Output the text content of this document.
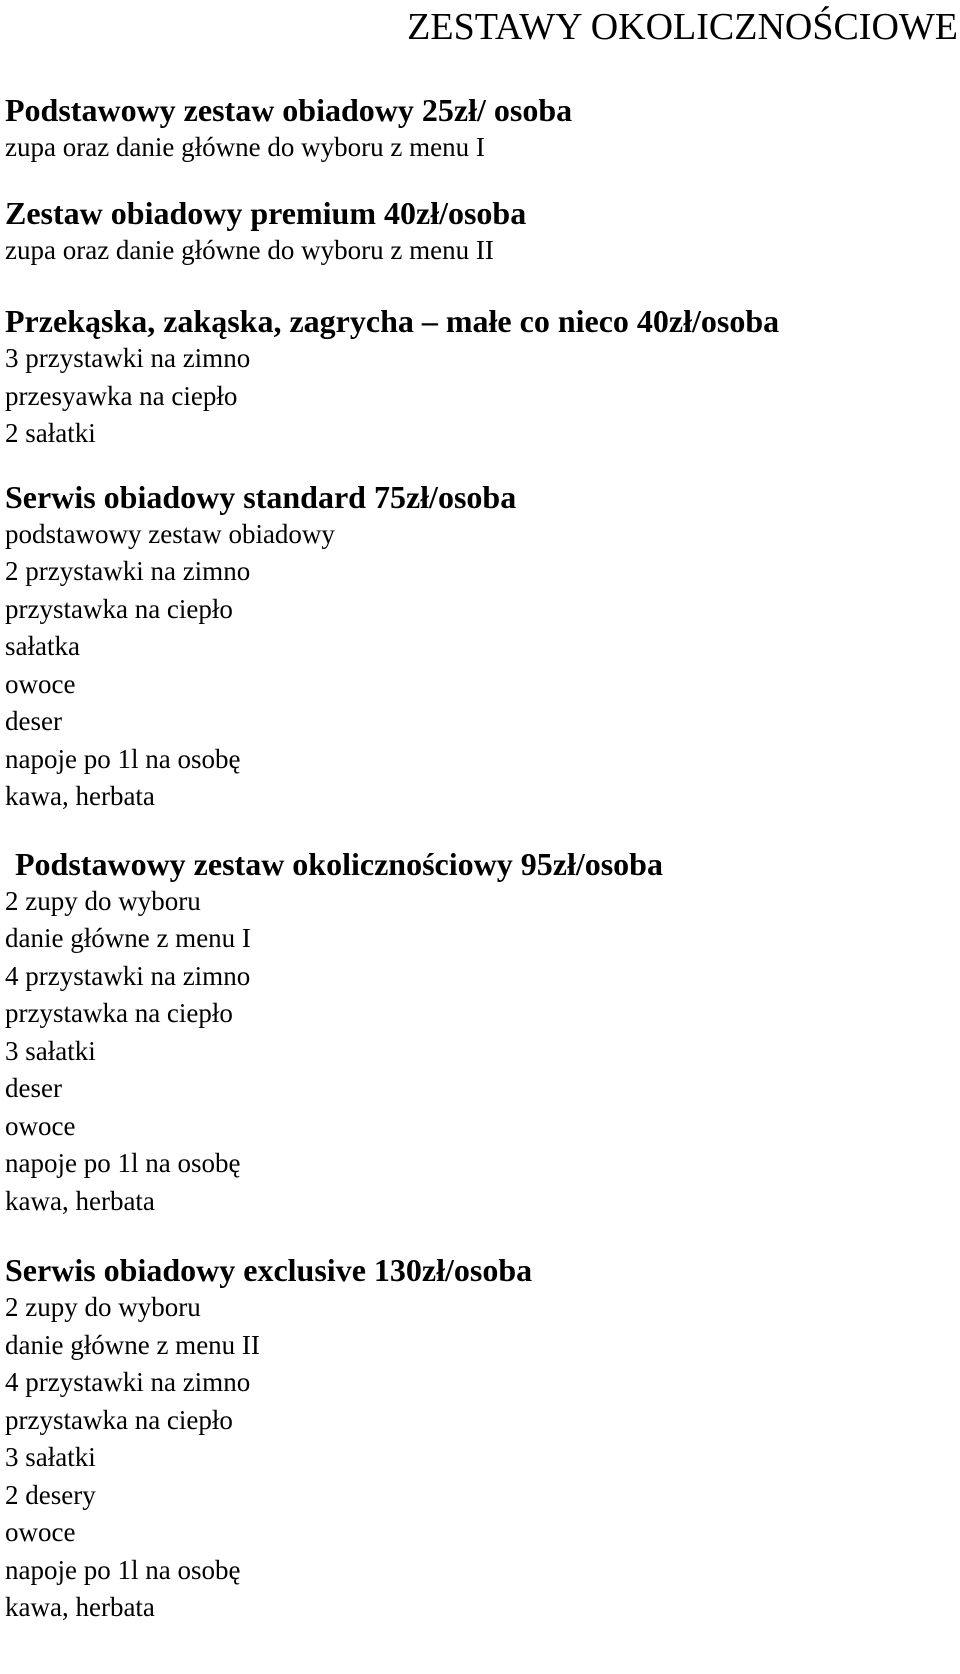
ZESTAWY OKOLICZNOŚCIOWE
Podstawowy zestaw obiadowy 25zł/ osoba
zupa oraz danie główne do wyboru z menu I
Zestaw obiadowy premium 40zł/osoba
zupa oraz danie główne do wyboru z menu II
Przekąska, zakąska, zagrycha – małe co nieco 40zł/osoba
3 przystawki na zimno
przesyawka na ciepło
2 sałatki
Serwis obiadowy standard 75zł/osoba
podstawowy zestaw obiadowy
2 przystawki na zimno
przystawka na ciepło
sałatka
owoce
deser
napoje po 1l na osobę
kawa, herbata
Podstawowy zestaw okolicznościowy 95zł/osoba
2 zupy do wyboru
danie główne z menu I
4 przystawki na zimno
przystawka na ciepło
3 sałatki
deser
owoce
napoje po 1l na osobę
kawa, herbata
Serwis obiadowy exclusive 130zł/osoba
2 zupy do wyboru
danie główne z menu II
4 przystawki na zimno
przystawka na ciepło
3 sałatki
2 desery
owoce
napoje po 1l na osobę
kawa, herbata
